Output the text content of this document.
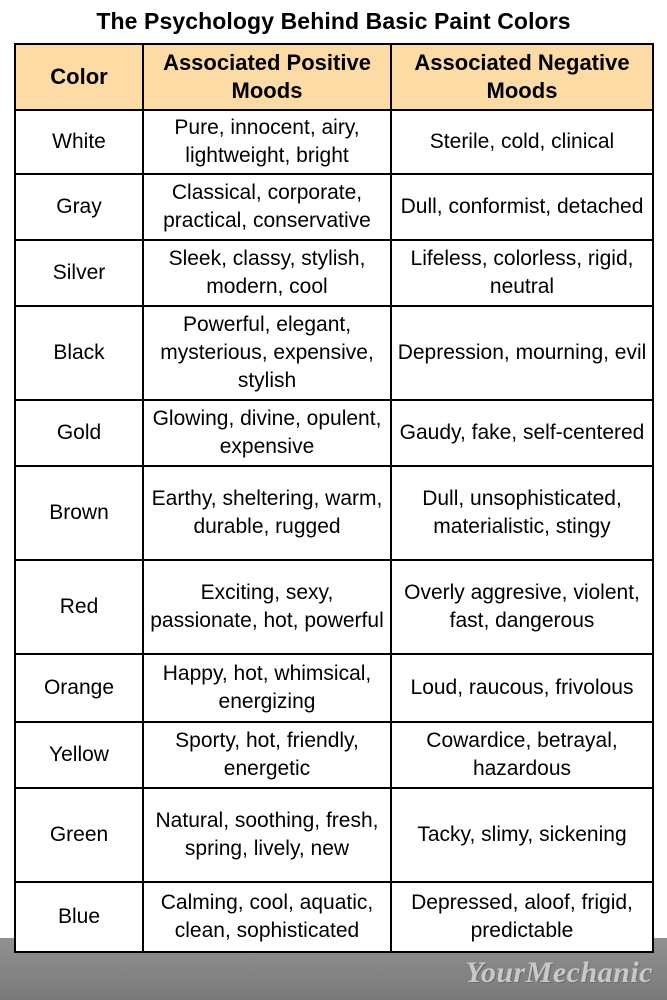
The Psychology Behind Basic Paint Colors
Color	Associated Positive Moods	Associated Negative Moods
White	Pure, innocent, airy, lightweight, bright	Sterile, cold, clinical
Gray	Classical, corporate, practical, conservative	Dull, conformist, detached
Silver	Sleek, classy, stylish, modern, cool	Lifeless, colorless, rigid, neutral
Black	Powerful, elegant, mysterious, expensive, stylish	Depression, mourning, evil
Gold	Glowing, divine, opulent, expensive	Gaudy, fake, self-centered
Brown	Earthy, sheltering, warm, durable, rugged	Dull, unsophisticated, materialistic, stingy
Red	Exciting, sexy, passionate, hot, powerful	Overly aggresive, violent, fast, dangerous
Orange	Happy, hot, whimsical, energizing	Loud, raucous, frivolous
Yellow	Sporty, hot, friendly, energetic	Cowardice, betrayal, hazardous
Green	Natural, soothing, fresh, spring, lively, new	Tacky, slimy, sickening
Blue	Calming, cool, aquatic, clean, sophisticated	Depressed, aloof, frigid, predictable
YourMechanic
